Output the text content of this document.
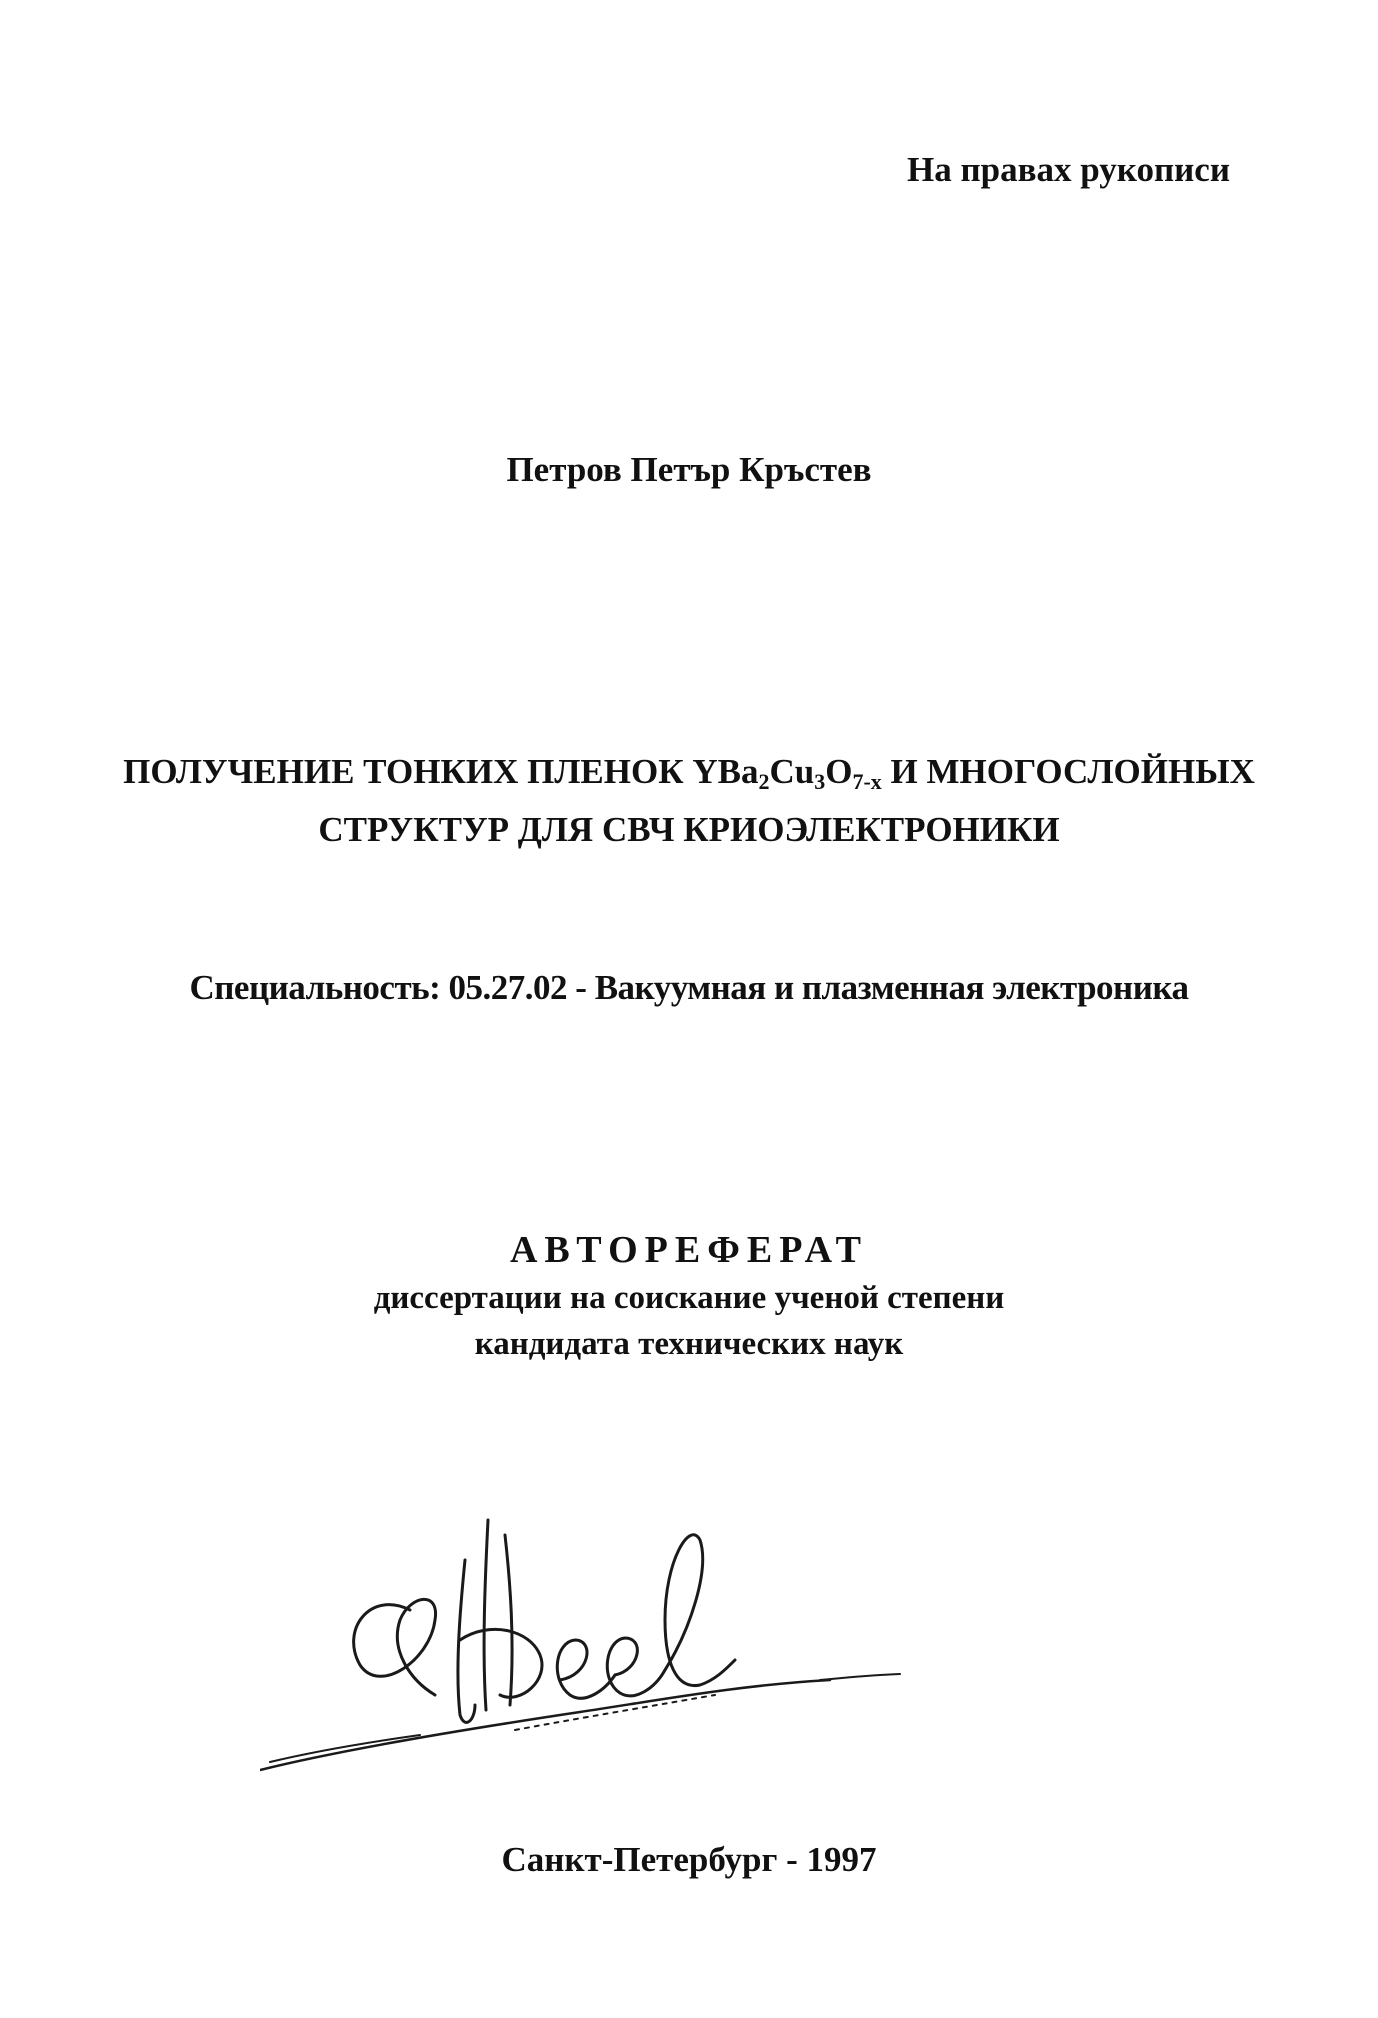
На правах рукописи
Петров Петър Кръстев
ПОЛУЧЕНИЕ ТОНКИХ ПЛЕНОК $YBa_2Cu_3O_{7-x}$ И МНОГОСЛОЙНЫХ
СТРУКТУР ДЛЯ СВЧ КРИОЭЛЕКТРОНИКИ
Специальность: 05.27.02 - Вакуумная и плазменная электроника
АВТОРЕФЕРАТ
диссертации на соискание ученой степени
кандидата технических наук
Санкт-Петербург - 1997
